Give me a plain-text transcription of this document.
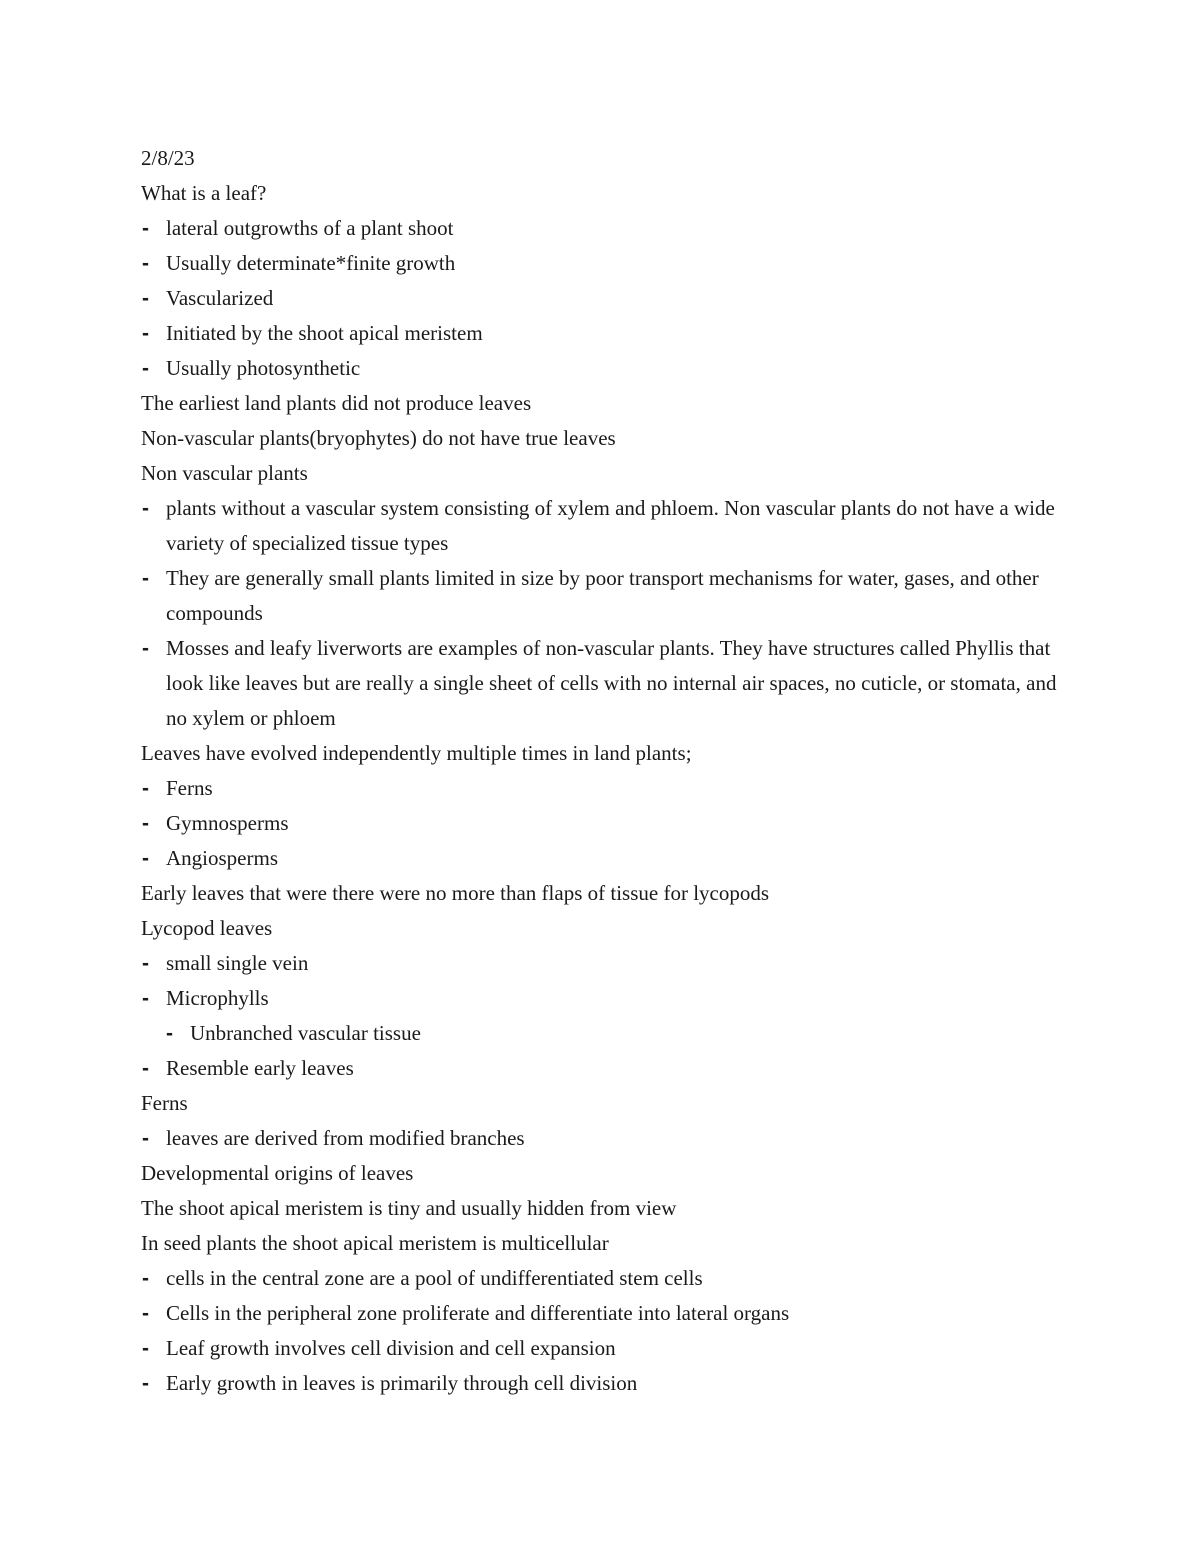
2/8/23

What is a leaf?

- lateral outgrowths of a plant shoot

- Usually determinate*finite growth

- Vascularized

- Initiated by the shoot apical meristem

- Usually photosynthetic

The earliest land plants did not produce leaves

Non-vascular plants(bryophytes) do not have true leaves

Non vascular plants

- plants without a vascular system consisting of xylem and phloem. Non vascular plants do not have a wide variety of specialized tissue types

- They are generally small plants limited in size by poor transport mechanisms for water, gases, and other compounds

- Mosses and leafy liverworts are examples of non-vascular plants. They have structures called Phyllis that look like leaves but are really a single sheet of cells with no internal air spaces, no cuticle, or stomata, and no xylem or phloem

Leaves have evolved independently multiple times in land plants;

- Ferns

- Gymnosperms

- Angiosperms

Early leaves that were there were no more than flaps of tissue for lycopods

Lycopod leaves

- small single vein

- Microphylls

- Unbranched vascular tissue

- Resemble early leaves

Ferns

- leaves are derived from modified branches

Developmental origins of leaves

The shoot apical meristem is tiny and usually hidden from view

In seed plants the shoot apical meristem is multicellular

- cells in the central zone are a pool of undifferentiated stem cells

- Cells in the peripheral zone proliferate and differentiate into lateral organs

- Leaf growth involves cell division and cell expansion

- Early growth in leaves is primarily through cell division
